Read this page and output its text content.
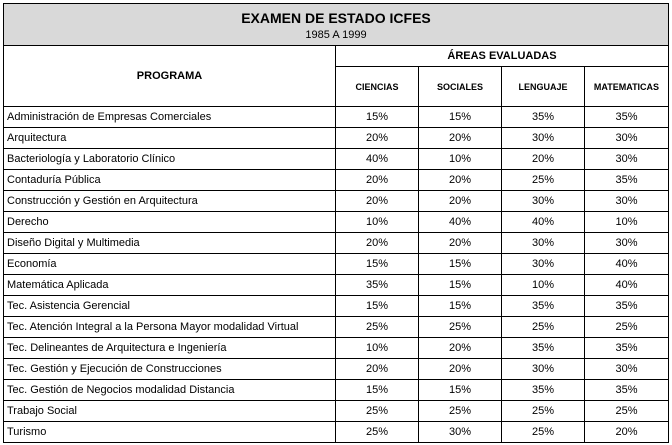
EXAMEN DE ESTADO ICFES
1985 A 1999				

PROGRAMA	ÁREAS EVALUADAS			
	CIENCIAS	SOCIALES	LENGUAJE	MATEMATICAS
Administración de Empresas Comerciales	15%	15%	35%	35%
Arquitectura	20%	20%	30%	30%
Bacteriología y Laboratorio Clínico	40%	10%	20%	30%
Contaduría Pública	20%	20%	25%	35%
Construcción y Gestión en Arquitectura	20%	20%	30%	30%
Derecho	10%	40%	40%	10%
Diseño Digital y Multimedia	20%	20%	30%	30%
Economía	15%	15%	30%	40%
Matemática Aplicada	35%	15%	10%	40%
Tec. Asistencia Gerencial	15%	15%	35%	35%
Tec. Atención Integral a la Persona Mayor modalidad Virtual	25%	25%	25%	25%
Tec. Delineantes de Arquitectura e Ingeniería	10%	20%	35%	35%
Tec. Gestión y Ejecución de Construcciones	20%	20%	30%	30%
Tec. Gestión de Negocios modalidad Distancia	15%	15%	35%	35%
Trabajo Social	25%	25%	25%	25%
Turismo	25%	30%	25%	20%
